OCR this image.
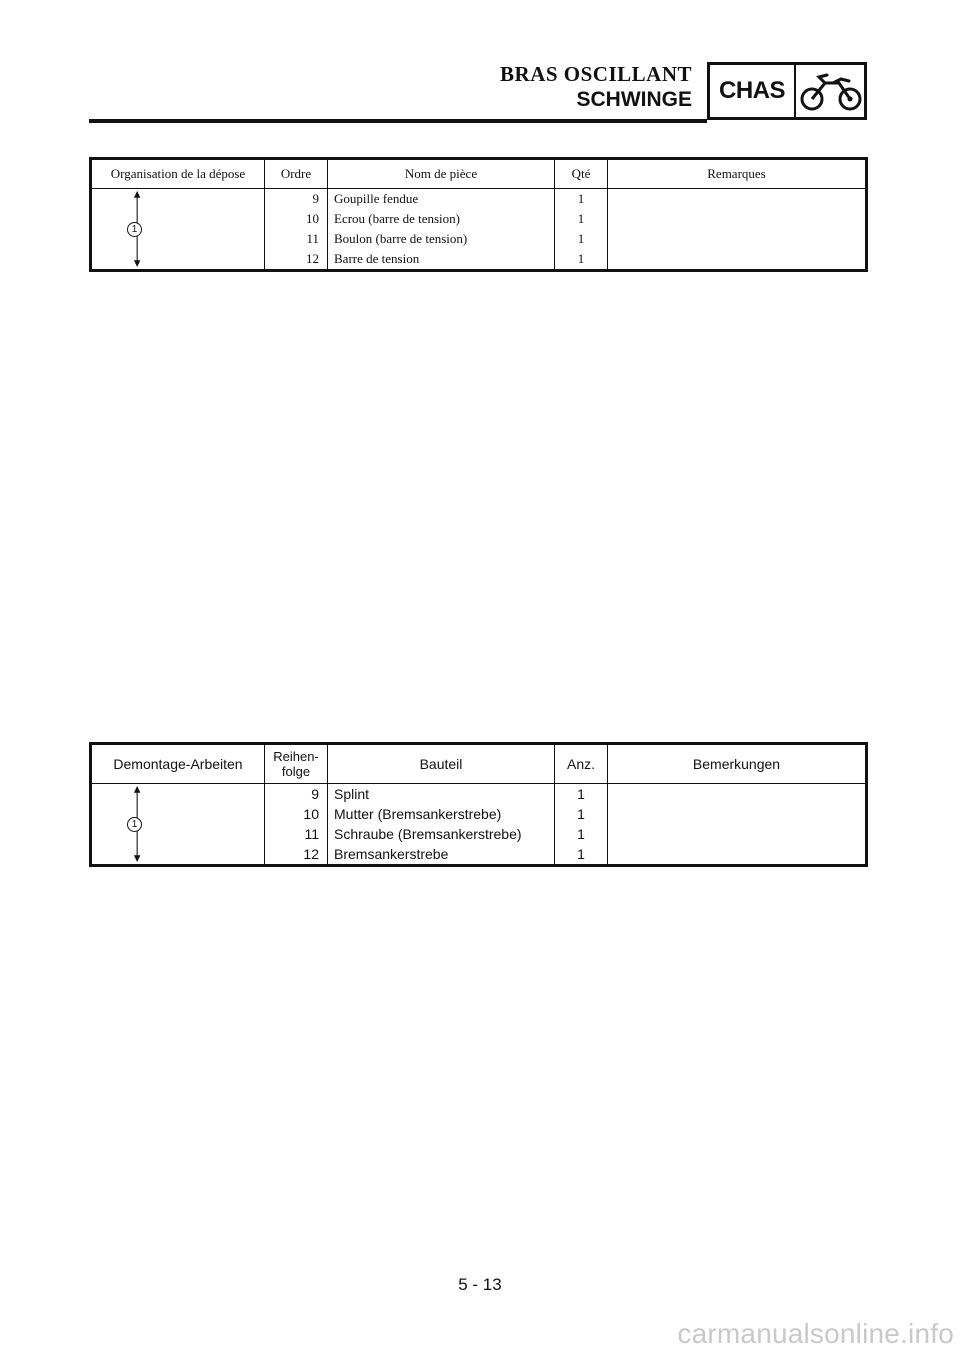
BRAS OSCILLANT
SCHWINGE	CHAS
Organisation de la dépose	Ordre	Nom de pièce	Qté	Remarques

1	9	Goupille fendue	1	
	10	Ecrou (barre de tension)	1	
	11	Boulon (barre de tension)	1	
	12	Barre de tension	1	
Demontage-Arbeiten	Reihen-
folge	Bauteil	Anz.	Bemerkungen

1	9	Splint	1	
	10	Mutter (Bremsankerstrebe)	1	
	11	Schraube (Bremsankerstrebe)	1	
	12	Bremsankerstrebe	1	
5 - 13
carmanualsonline.info
